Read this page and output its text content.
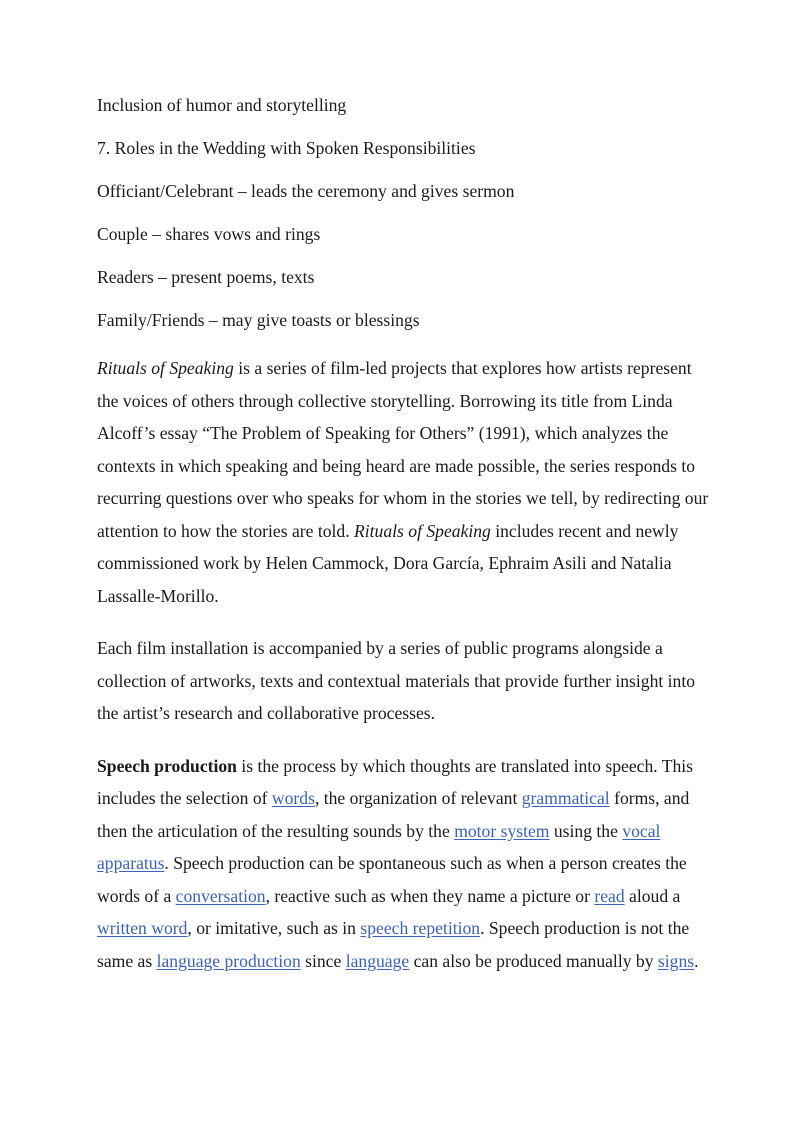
Inclusion of humor and storytelling

7. Roles in the Wedding with Spoken Responsibilities

Officiant/Celebrant – leads the ceremony and gives sermon

Couple – shares vows and rings

Readers – present poems, texts

Family/Friends – may give toasts or blessings

Rituals of Speaking is a series of film-led projects that explores how artists represent the voices of others through collective storytelling. Borrowing its title from Linda Alcoff’s essay “The Problem of Speaking for Others” (1991), which analyzes the contexts in which speaking and being heard are made possible, the series responds to recurring questions over who speaks for whom in the stories we tell, by redirecting our attention to how the stories are told. Rituals of Speaking includes recent and newly commissioned work by Helen Cammock, Dora García, Ephraim Asili and Natalia Lassalle-Morillo.

Each film installation is accompanied by a series of public programs alongside a collection of artworks, texts and contextual materials that provide further insight into the artist’s research and collaborative processes.

Speech production is the process by which thoughts are translated into speech. This includes the selection of words, the organization of relevant grammatical forms, and then the articulation of the resulting sounds by the motor system using the vocal apparatus. Speech production can be spontaneous such as when a person creates the words of a conversation, reactive such as when they name a picture or read aloud a written word, or imitative, such as in speech repetition. Speech production is not the same as language production since language can also be produced manually by signs.
